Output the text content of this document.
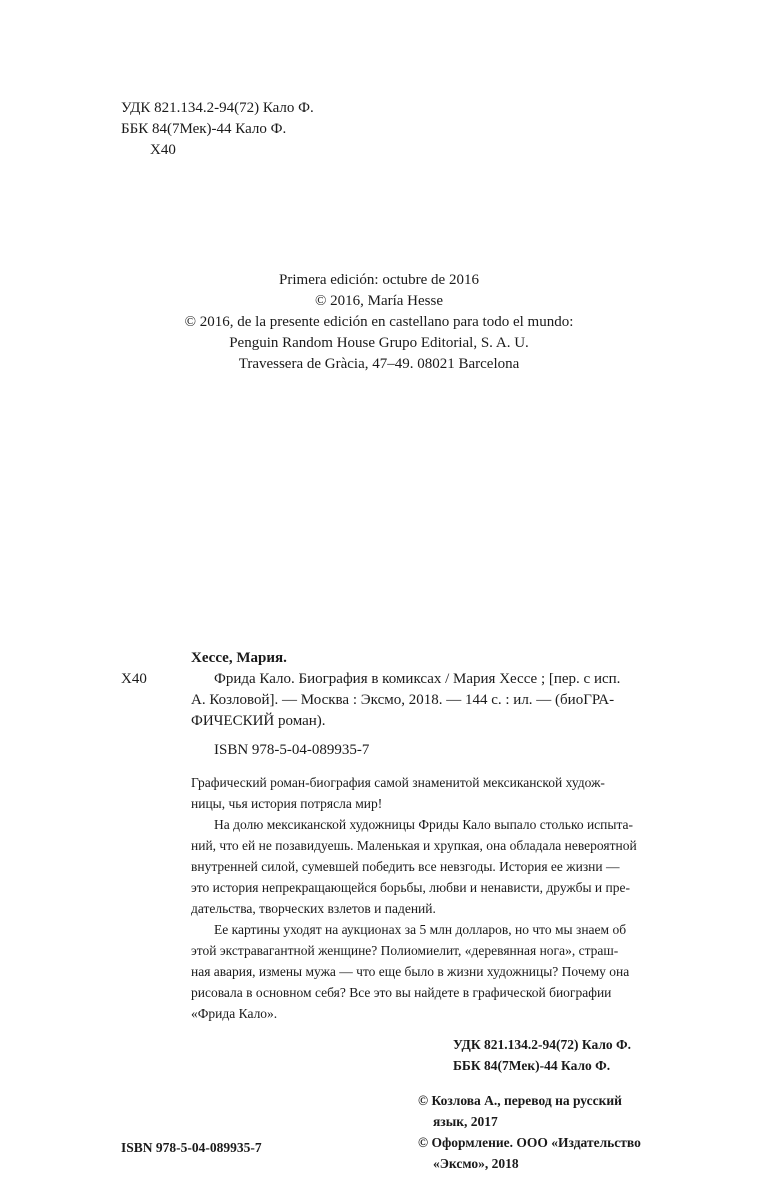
УДК 821.134.2-94(72) Кало Ф.
ББК 84(7Мек)-44 Кало Ф.
Х40
Primera edición: octubre de 2016
© 2016, María Hesse
© 2016, de la presente edición en castellano para todo el mundo:
Penguin Random House Grupo Editorial, S. A. U.
Travessera de Gràcia, 47–49. 08021 Barcelona
Хессе, Мария.
Х40	Фрида Кало. Биография в комиксах / Мария Хессе ; [пер. с исп.
А. Козловой]. — Москва : Эксмо, 2018. — 144 с. : ил. — (биоГРА-
ФИЧЕСКИЙ роман).
ISBN 978-5-04-089935-7
Графический роман-биография самой знаменитой мексиканской худож-
ницы, чья история потрясла мир!
На долю мексиканской художницы Фриды Кало выпало столько испыта-
ний, что ей не позавидуешь. Маленькая и хрупкая, она обладала невероятной
внутренней силой, сумевшей победить все невзгоды. История ее жизни —
это история непрекращающейся борьбы, любви и ненависти, дружбы и пре-
дательства, творческих взлетов и падений.
Ее картины уходят на аукционах за 5 млн долларов, но что мы знаем об
этой экстравагантной женщине? Полиомиелит, «деревянная нога», страш-
ная авария, измены мужа — что еще было в жизни художницы? Почему она
рисовала в основном себя? Все это вы найдете в графической биографии
«Фрида Кало».
УДК 821.134.2-94(72) Кало Ф.
ББК 84(7Мек)-44 Кало Ф.
ISBN 978-5-04-089935-7
© Козлова А., перевод на русский
язык, 2017
© Оформление. ООО «Издательство
«Эксмо», 2018
